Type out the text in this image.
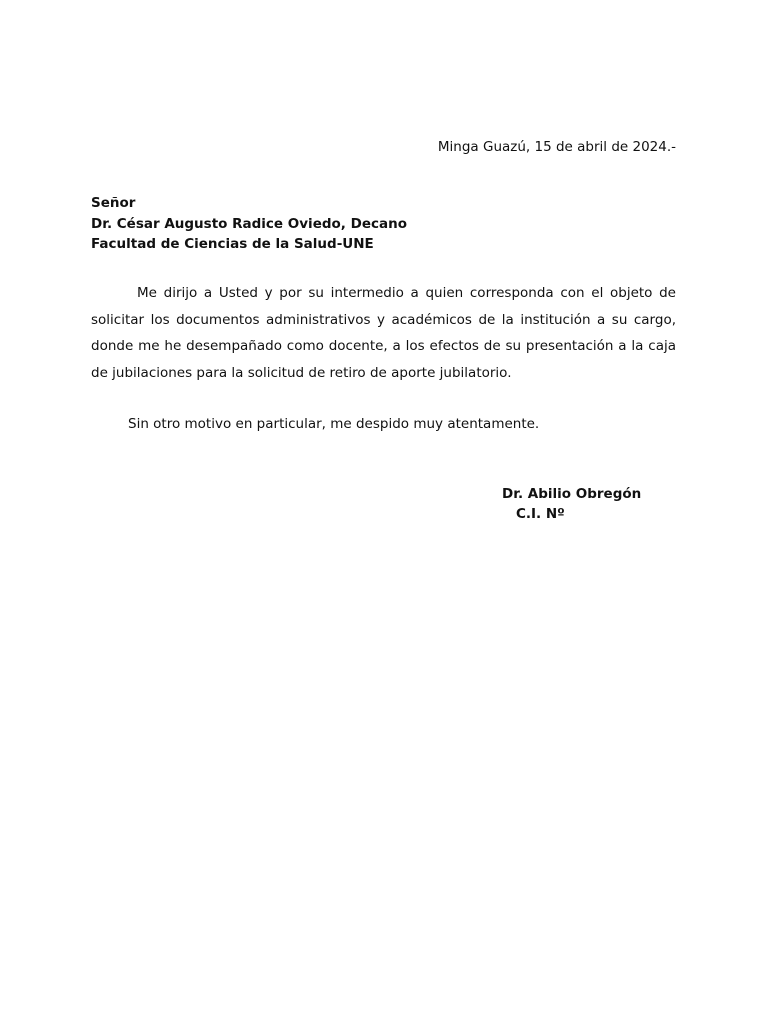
Minga Guazú, 15 de abril de 2024.-
Señor
Dr. César Augusto Radice Oviedo, Decano
Facultad de Ciencias de la Salud-UNE

Me dirijo a Usted y por su intermedio a quien corresponda con el objeto de solicitar los documentos administrativos y académicos de la institución a su cargo, donde me he desempañado como docente, a los efectos de su presentación a la caja de jubilaciones para la solicitud de retiro de aporte jubilatorio.

Sin otro motivo en particular, me despido muy atentamente.
Dr. Abilio Obregón
C.I. Nº
